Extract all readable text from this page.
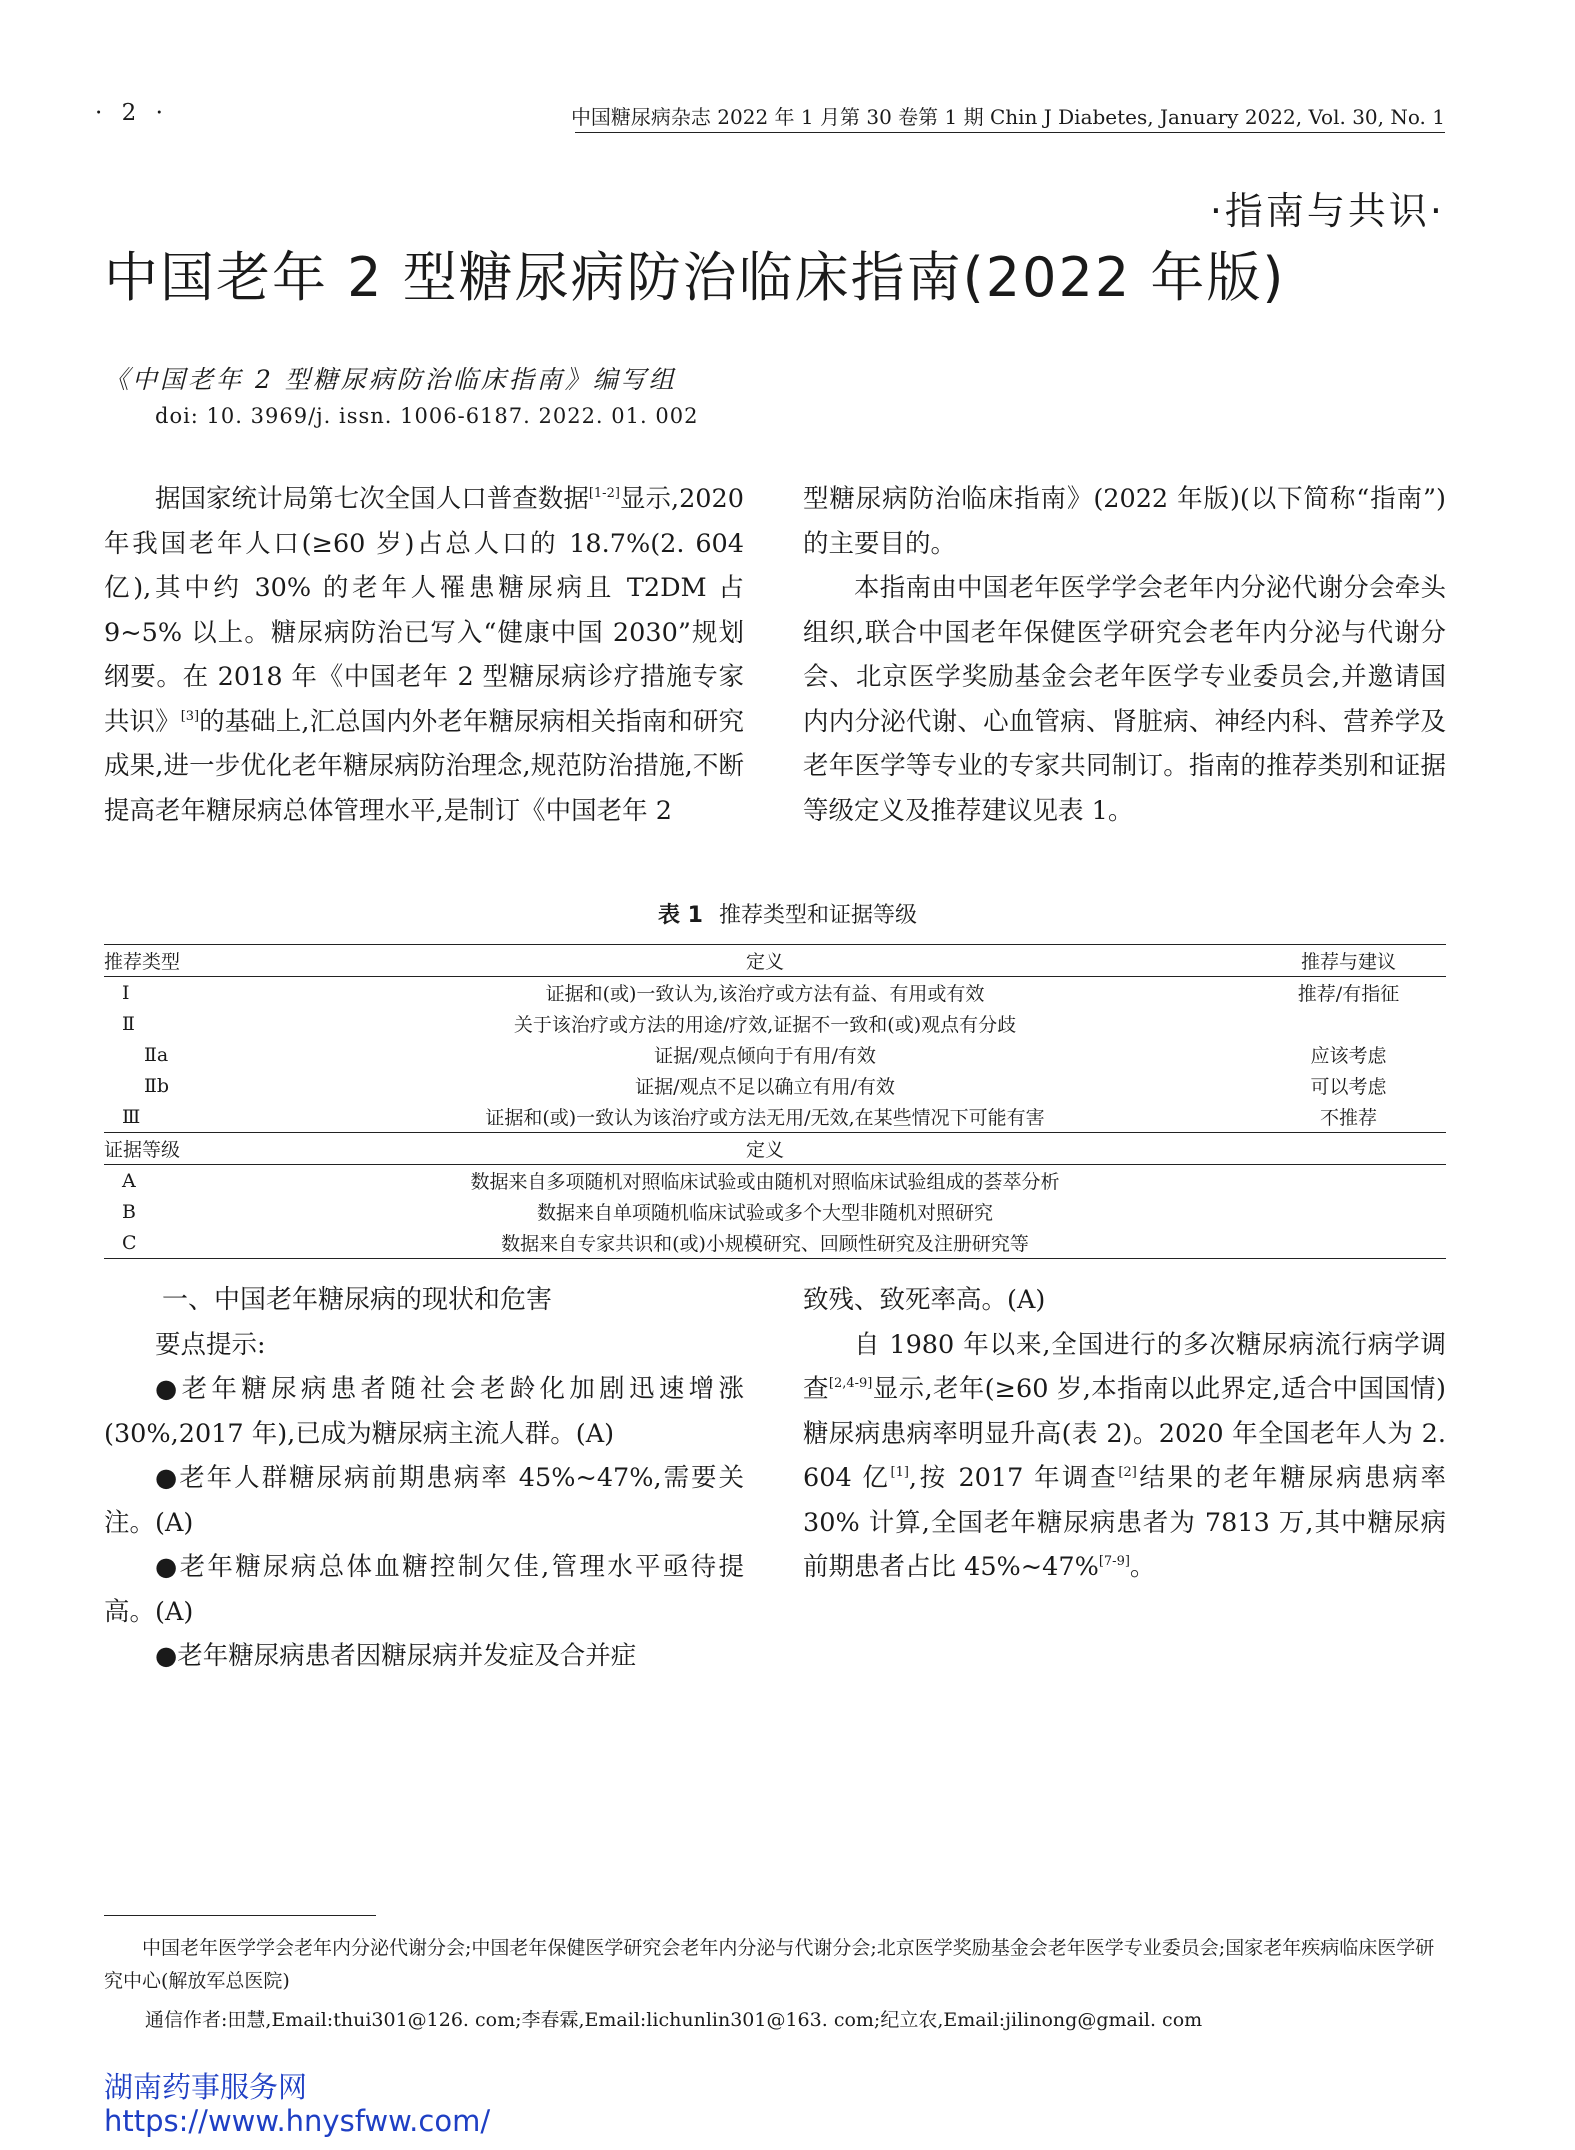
· 2 ·	中国糖尿病杂志 2022 年 1 月第 30 卷第 1 期 Chin J Diabetes, January 2022, Vol. 30, No. 1
·指南与共识·
中国老年 2 型糖尿病防治临床指南(2022 年版)
《中国老年 2 型糖尿病防治临床指南》编写组
doi: 10. 3969/j. issn. 1006-6187. 2022. 01. 002

据国家统计局第七次全国人口普查数据[1-2]显示,2020 年我国老年人口(≥60 岁)占总人口的 18.7%(2. 604 亿),其中约 30% 的老年人罹患糖尿病且 T2DM 占 9~5% 以上。糖尿病防治已写入“健康中国 2030”规划纲要。在 2018 年《中国老年 2 型糖尿病诊疗措施专家共识》[3]的基础上,汇总国内外老年糖尿病相关指南和研究成果,进一步优化老年糖尿病防治理念,规范防治措施,不断提高老年糖尿病总体管理水平,是制订《中国老年 2

型糖尿病防治临床指南》(2022 年版)(以下简称“指南”)的主要目的。

本指南由中国老年医学学会老年内分泌代谢分会牵头组织,联合中国老年保健医学研究会老年内分泌与代谢分会、北京医学奖励基金会老年医学专业委员会,并邀请国内内分泌代谢、心血管病、肾脏病、神经内科、营养学及老年医学等专业的专家共同制订。指南的推荐类别和证据等级定义及推荐建议见表 1。

表 1 推荐类型和证据等级
推荐类型	定义	推荐与建议
Ⅰ	证据和(或)一致认为,该治疗或方法有益、有用或有效	推荐/有指征
Ⅱ	关于该治疗或方法的用途/疗效,证据不一致和(或)观点有分歧	
Ⅱa	证据/观点倾向于有用/有效	应该考虑
Ⅱb	证据/观点不足以确立有用/有效	可以考虑
Ⅲ	证据和(或)一致认为该治疗或方法无用/无效,在某些情况下可能有害	不推荐
证据等级	定义	
A	数据来自多项随机对照临床试验或由随机对照临床试验组成的荟萃分析	
B	数据来自单项随机临床试验或多个大型非随机对照研究	
C	数据来自专家共识和(或)小规模研究、回顾性研究及注册研究等	
一、中国老年糖尿病的现状和危害

要点提示:

●老年糖尿病患者随社会老龄化加剧迅速增涨(30%,2017 年),已成为糖尿病主流人群。(A)

●老年人群糖尿病前期患病率 45%~47%,需要关注。(A)

●老年糖尿病总体血糖控制欠佳,管理水平亟待提高。(A)

●老年糖尿病患者因糖尿病并发症及合并症

致残、致死率高。(A)

自 1980 年以来,全国进行的多次糖尿病流行病学调查[2,4-9]显示,老年(≥60 岁,本指南以此界定,适合中国国情)糖尿病患病率明显升高(表 2)。2020 年全国老年人为 2. 604 亿[1],按 2017 年调查[2]结果的老年糖尿病患病率 30% 计算,全国老年糖尿病患者为 7813 万,其中糖尿病前期患者占比 45%~47%[7-9]。

中国老年医学学会老年内分泌代谢分会;中国老年保健医学研究会老年内分泌与代谢分会;北京医学奖励基金会老年医学专业委员会;国家老年疾病临床医学研究中心(解放军总医院)
通信作者:田慧,Email:thui301@126. com;李春霖,Email:lichunlin301@163. com;纪立农,Email:jilinong@gmail. com
湖南药事服务网
https://www.hnysfww.com/
